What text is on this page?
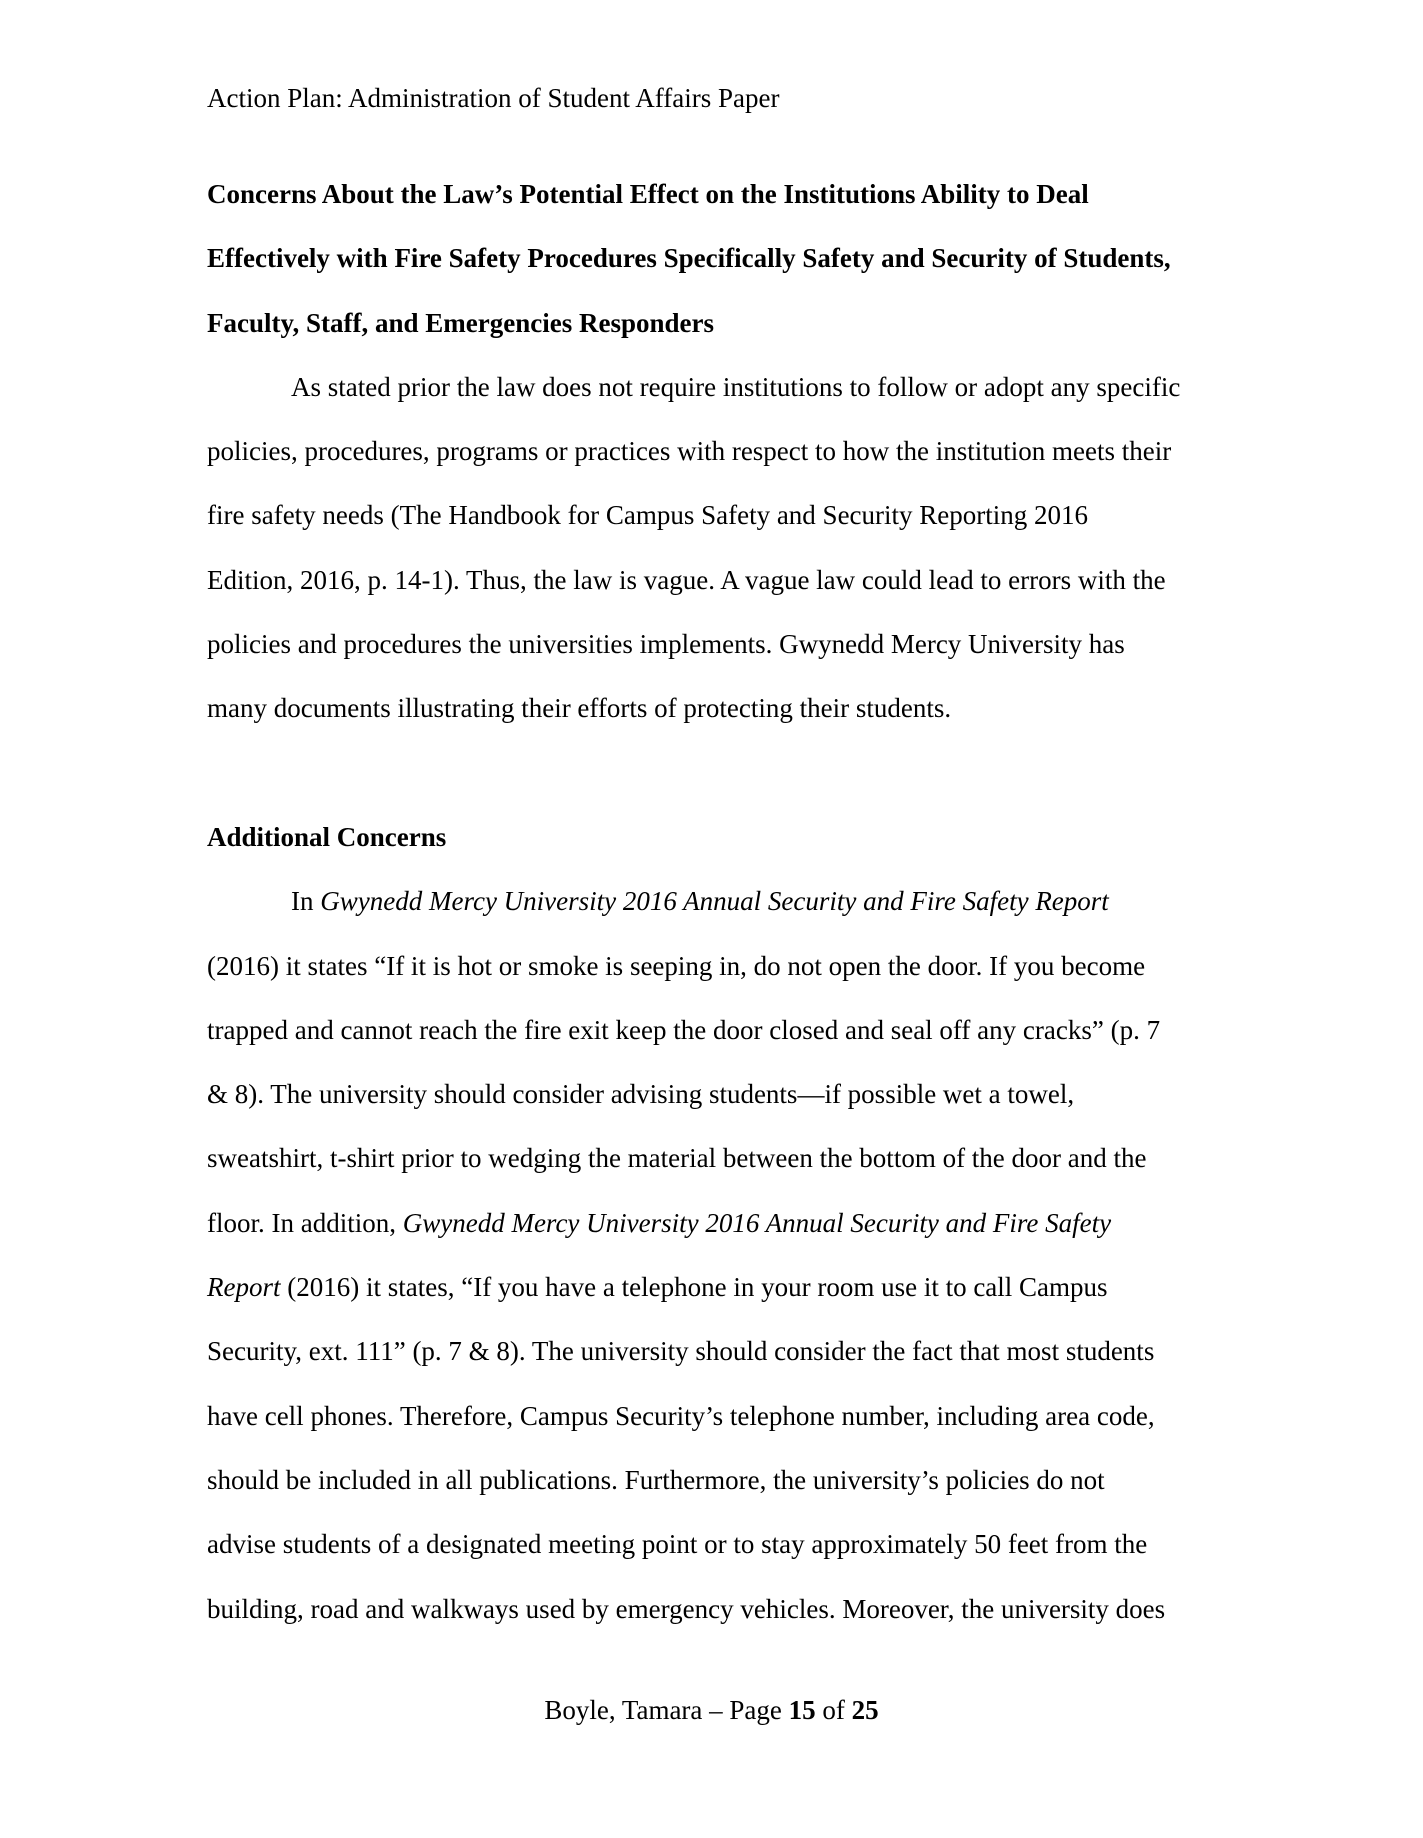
Action Plan: Administration of Student Affairs Paper
Concerns About the Law’s Potential Effect on the Institutions Ability to Deal
Effectively with Fire Safety Procedures Specifically Safety and Security of Students,
Faculty, Staff, and Emergencies Responders
As stated prior the law does not require institutions to follow or adopt any specific
policies, procedures, programs or practices with respect to how the institution meets their
fire safety needs (The Handbook for Campus Safety and Security Reporting 2016
Edition, 2016, p. 14-1). Thus, the law is vague. A vague law could lead to errors with the
policies and procedures the universities implements. Gwynedd Mercy University has
many documents illustrating their efforts of protecting their students.
Additional Concerns
In Gwynedd Mercy University 2016 Annual Security and Fire Safety Report
(2016) it states “If it is hot or smoke is seeping in, do not open the door. If you become
trapped and cannot reach the fire exit keep the door closed and seal off any cracks” (p. 7
& 8). The university should consider advising students—if possible wet a towel,
sweatshirt, t-shirt prior to wedging the material between the bottom of the door and the
floor. In addition, Gwynedd Mercy University 2016 Annual Security and Fire Safety
Report (2016) it states, “If you have a telephone in your room use it to call Campus
Security, ext. 111” (p. 7 & 8). The university should consider the fact that most students
have cell phones. Therefore, Campus Security’s telephone number, including area code,
should be included in all publications. Furthermore, the university’s policies do not
advise students of a designated meeting point or to stay approximately 50 feet from the
building, road and walkways used by emergency vehicles. Moreover, the university does
Boyle, Tamara – Page 15 of 25
